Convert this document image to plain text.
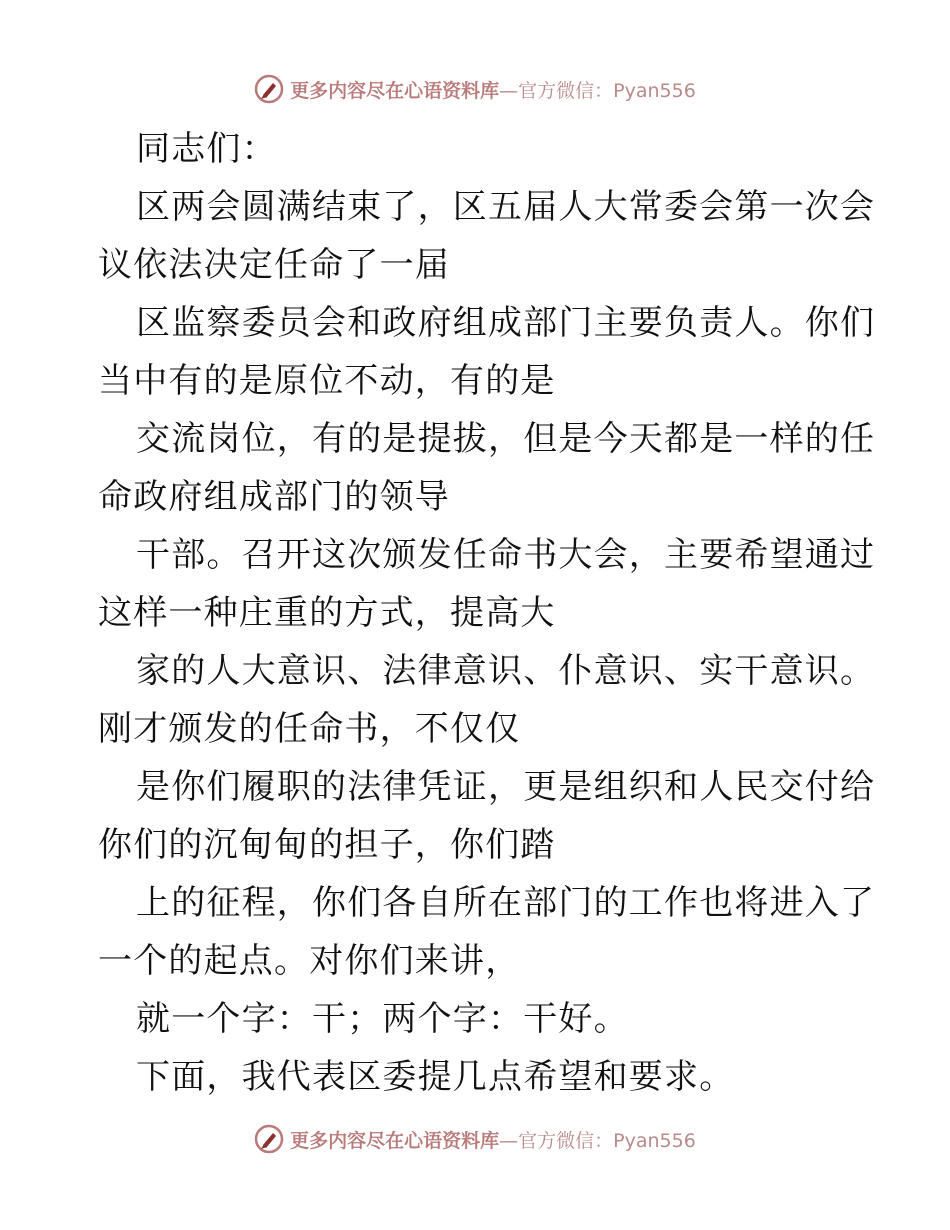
更多内容尽在心语资料库 —官方微信：Pyan556
同志们：
区两会圆满结束了，区五届人大常委会第一次会
议依法决定任命了一届
区监察委员会和政府组成部门主要负责人。你们
当中有的是原位不动，有的是
交流岗位，有的是提拔，但是今天都是一样的任
命政府组成部门的领导
干部。召开这次颁发任命书大会，主要希望通过
这样一种庄重的方式，提高大
家的人大意识、法律意识、仆意识、实干意识。
刚才颁发的任命书，不仅仅
是你们履职的法律凭证，更是组织和人民交付给
你们的沉甸甸的担子，你们踏
上的征程，你们各自所在部门的工作也将进入了
一个的起点。对你们来讲，
就一个字：干；两个字：干好。
下面，我代表区委提几点希望和要求。
更多内容尽在心语资料库 —官方微信：Pyan556
